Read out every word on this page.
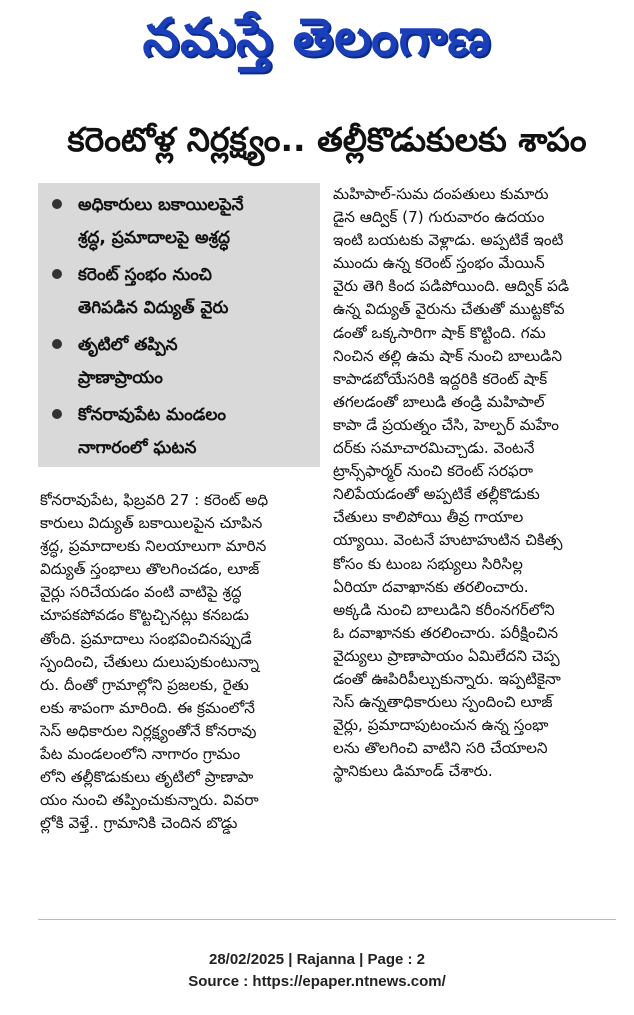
నమస్తే తెలంగాణ
కరెంటోళ్ల నిర్లక్ష్యం.. తల్లీకొడుకులకు శాపం
అధికారులు బకాయిలపైనే
శ్రద్ధ, ప్రమాదాలపై అశ్రద్ధ
కరెంట్ స్తంభం నుంచి
తెగిపడిన విద్యుత్ వైరు
తృటిలో తప్పిన
ప్రాణాప్రాయం
కోనరావుపేట మండలం
నాగారంలో ఘటన
కోనరావుపేట, ఫిబ్రవరి 27 : కరెంట్ అధి
కారులు విద్యుత్ బకాయిలపైన చూపిన
శ్రద్ధ, ప్రమాదాలకు నిలయాలుగా మారిన
విద్యుత్ స్తంభాలు తొలగించడం, లూజ్
వైర్లు సరిచేయడం వంటి వాటిపై శ్రద్ధ
చూపకపోవడం కొట్టచ్చినట్లు కనబడు
తోంది. ప్రమాదాలు సంభవించినప్పుడే
స్పందించి, చేతులు దులుపుకుంటున్నా
రు. దీంతో గ్రామాల్లోని ప్రజలకు, రైతు
లకు శాపంగా మారింది. ఈ క్రమంలోనే
సెస్ అధికారుల నిర్లక్ష్యంతోనే కోనరావు
పేట మండలంలోని నాగారం గ్రామం
లోని తల్లీకొడుకులు తృటిలో ప్రాణాపా
యం నుంచి తప్పించుకున్నారు. వివరా
ల్లోకి వెళ్తే.. గ్రామానికి చెందిన బొడ్డు
మహిపాల్-సుమ దంపతులు కుమారు
డైన ఆద్విక్ (7) గురువారం ఉదయం
ఇంటి బయటకు వెళ్లాడు. అప్పటికే ఇంటి
ముందు ఉన్న కరెంట్ స్తంభం మేయిన్
వైరు తెగి కింద పడిపోయింది. ఆద్విక్ పడి
ఉన్న విద్యుత్ వైరును చేతుతో ముట్టకోవ
డంతో ఒక్కసారిగా షాక్ కొట్టింది. గమ
నించిన తల్లి ఉమ షాక్ నుంచి బాలుడిని
కాపాడబోయేసరికి ఇద్దరికి కరెంట్ షాక్
తగలడంతో బాలుడి తండ్రి మహిపాల్
కాపా డే ప్రయత్నం చేసి, హెల్పర్ మహేం
దర్‌కు సమాచారమిచ్చాడు. వెంటనే
ట్రాన్స్‌ఫార్మర్ నుంచి కరెంట్ సరఫరా
నిలిపేయడంతో అప్పటికే తల్లీకొడుకు
చేతులు కాలిపోయి తీవ్ర గాయాల
య్యాయి. వెంటనే హుటాహుటిన చికిత్స
కోసం కు టుంబ సభ్యులు సిరిసిల్ల
ఏరియా దవాఖానకు తరలించారు.
అక్కడి నుంచి బాలుడిని కరీంనగర్‌లోని
ఓ దవాఖానకు తరలించారు. పరీక్షించిన
వైద్యులు ప్రాణాపాయం ఏమిలేదని చెప్ప
డంతో ఊపిరిపీల్చుకున్నారు. ఇప్పటికైనా
సెస్ ఉన్నతాధికారులు స్పందించి లూజ్
వైర్లు, ప్రమాదాపుటంచున ఉన్న స్తంభా
లను తొలగించి వాటిని సరి చేయాలని
స్థానికులు డిమాండ్ చేశారు.
28/02/2025 | Rajanna | Page : 2
Source : https://epaper.ntnews.com/
